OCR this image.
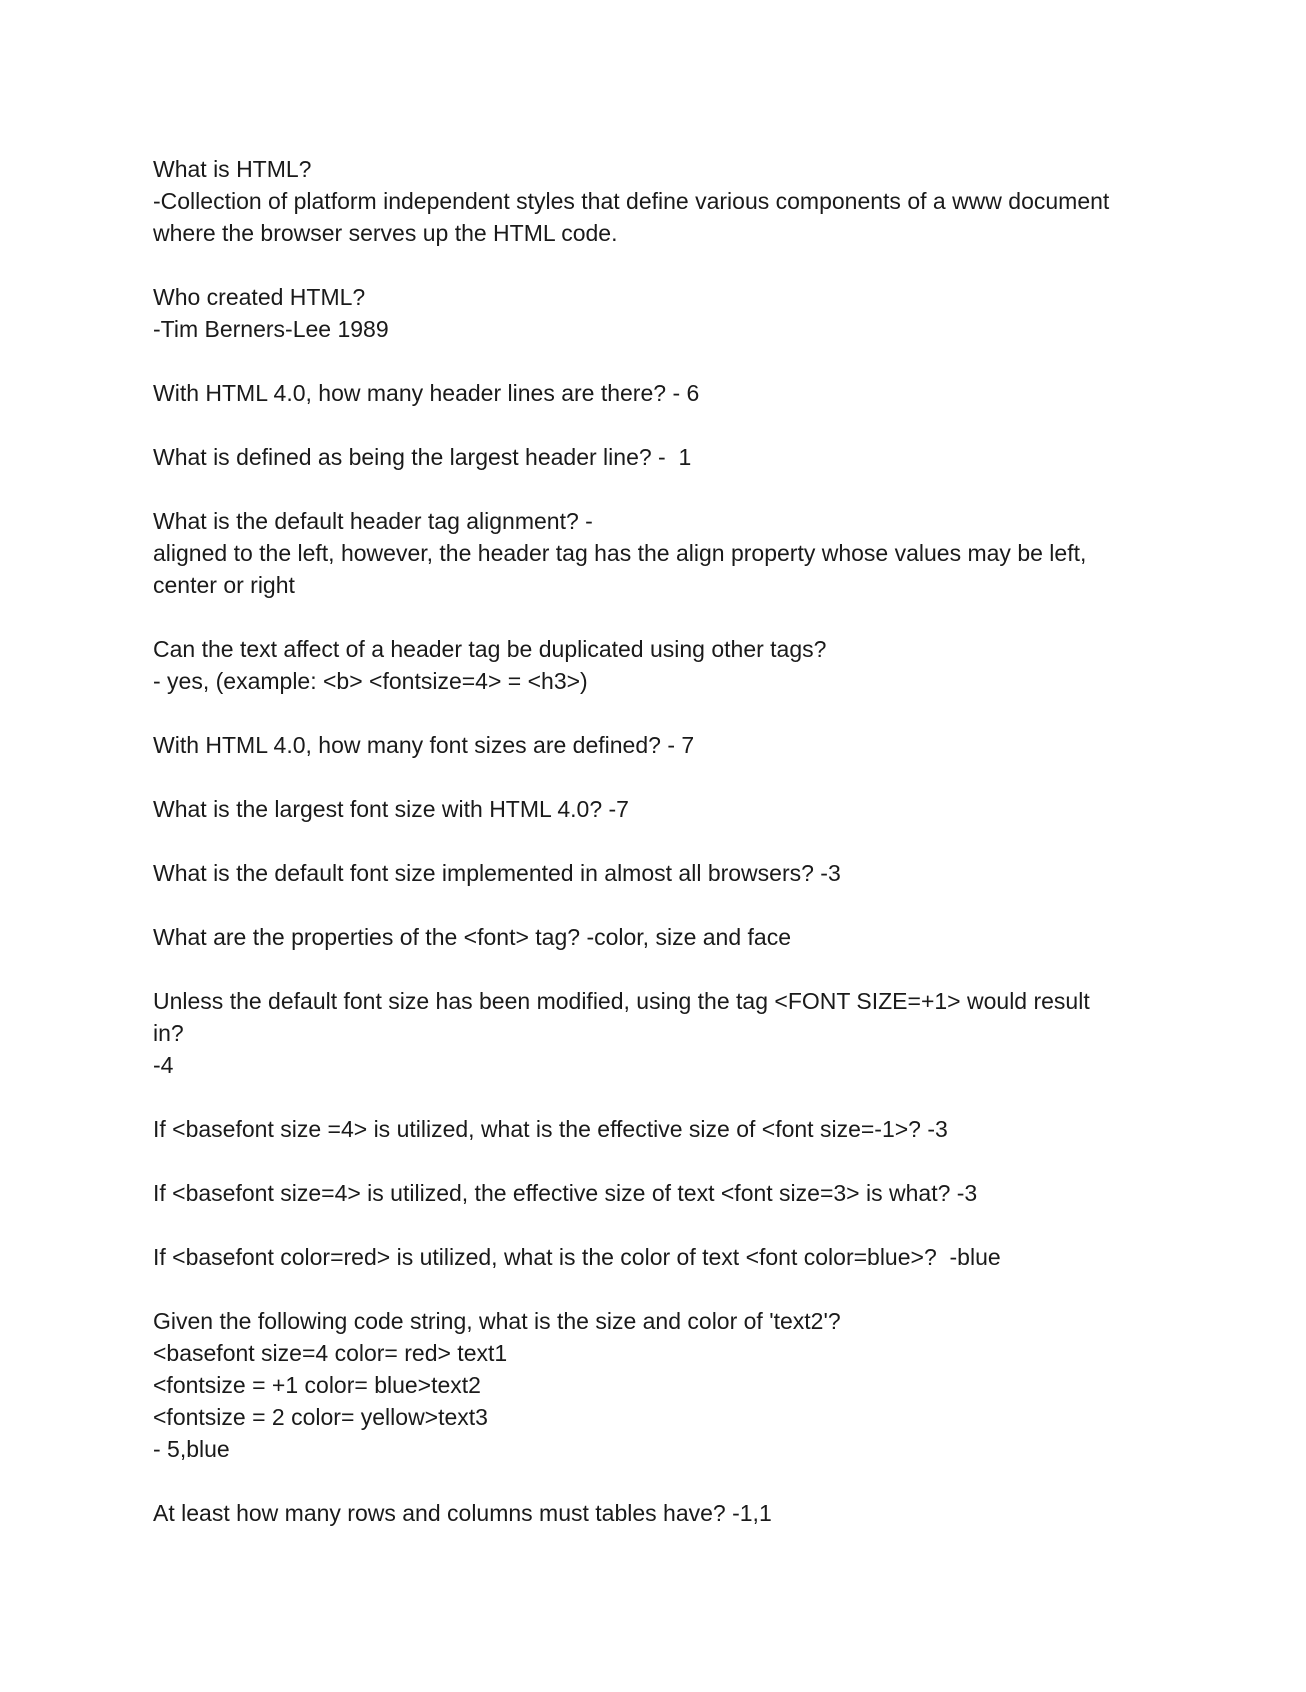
What is HTML?

-Collection of platform independent styles that define various components of a www document

where the browser serves up the HTML code.

Who created HTML?

-Tim Berners-Lee 1989

With HTML 4.0, how many header lines are there? - 6

What is defined as being the largest header line? -  1

What is the default header tag alignment? -

aligned to the left, however, the header tag has the align property whose values may be left,

center or right

Can the text affect of a header tag be duplicated using other tags?

- yes, (example: <b> <fontsize=4> = <h3>)

With HTML 4.0, how many font sizes are defined? - 7

What is the largest font size with HTML 4.0? -7

What is the default font size implemented in almost all browsers? -3

What are the properties of the <font> tag? -color, size and face

Unless the default font size has been modified, using the tag <FONT SIZE=+1> would result

in?

-4

If <basefont size =4> is utilized, what is the effective size of <font size=-1>? -3

If <basefont size=4> is utilized, the effective size of text <font size=3> is what? -3

If <basefont color=red> is utilized, what is the color of text <font color=blue>?  -blue

Given the following code string, what is the size and color of 'text2'?

<basefont size=4 color= red> text1

<fontsize = +1 color= blue>text2

<fontsize = 2 color= yellow>text3

- 5,blue

At least how many rows and columns must tables have? -1,1
